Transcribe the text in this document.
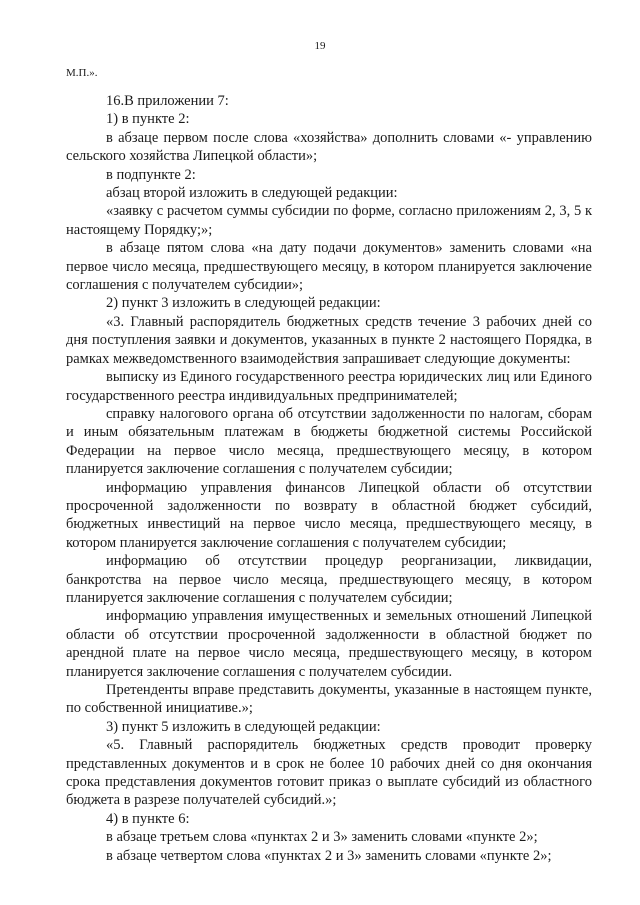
19

М.П.».

16.В приложении 7:

1) в пункте 2:

в абзаце первом после слова «хозяйства» дополнить словами «- управлению сельского хозяйства Липецкой области»;

в подпункте 2:

абзац второй изложить в следующей редакции:

«заявку с расчетом суммы субсидии по форме, согласно приложениям 2, 3, 5 к настоящему Порядку;»;

в абзаце пятом слова «на дату подачи документов» заменить словами «на первое число месяца, предшествующего месяцу, в котором планируется заключение соглашения с получателем субсидии»;

2) пункт 3 изложить в следующей редакции:

«3. Главный распорядитель бюджетных средств течение 3 рабочих дней со дня поступления заявки и документов, указанных в пункте 2 настоящего Порядка, в рамках межведомственного взаимодействия запрашивает следующие документы:

выписку из Единого государственного реестра юридических лиц или Единого государственного реестра индивидуальных предпринимателей;

справку налогового органа об отсутствии задолженности по налогам, сборам и иным обязательным платежам в бюджеты бюджетной системы Российской Федерации на первое число месяца, предшествующего месяцу, в котором планируется заключение соглашения с получателем субсидии;

информацию управления финансов Липецкой области об отсутствии просроченной задолженности по возврату в областной бюджет субсидий, бюджетных инвестиций на первое число месяца, предшествующего месяцу, в котором планируется заключение соглашения с получателем субсидии;

информацию об отсутствии процедур реорганизации, ликвидации, банкротства на первое число месяца, предшествующего месяцу, в котором планируется заключение соглашения с получателем субсидии;

информацию управления имущественных и земельных отношений Липецкой области об отсутствии просроченной задолженности в областной бюджет по арендной плате на первое число месяца, предшествующего месяцу, в котором планируется заключение соглашения с получателем субсидии.

Претенденты вправе представить документы, указанные в настоящем пункте, по собственной инициативе.»;

3) пункт 5 изложить в следующей редакции:

«5. Главный распорядитель бюджетных средств проводит проверку представленных документов и в срок не более 10 рабочих дней со дня окончания срока представления документов готовит приказ о выплате субсидий из областного бюджета в разрезе получателей субсидий.»;

4) в пункте 6:

в абзаце третьем слова «пунктах 2 и 3» заменить словами «пункте 2»;

в абзаце четвертом слова «пунктах 2 и 3» заменить словами «пункте 2»;
